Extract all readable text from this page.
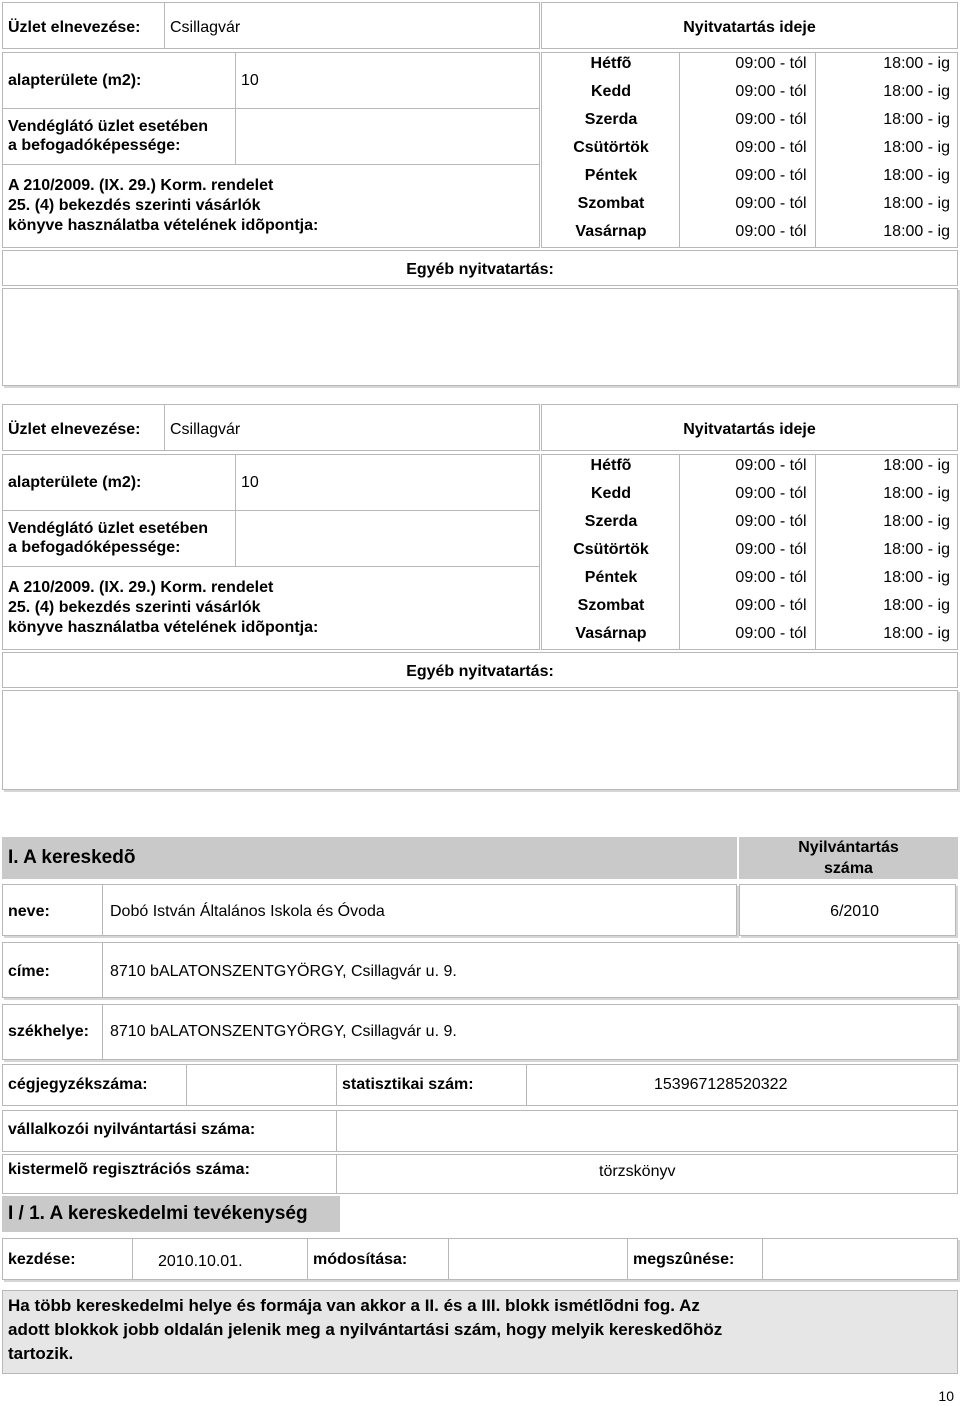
Üzlet elnevezése: Csillagvár	Nyitvatartás ideje
alapterülete (m2):	10
Vendéglátó üzlet esetében
a befogadóképessége:
A 210/2009. (IX. 29.) Korm. rendelet
25. (4) bekezdés szerinti vásárlók
könyve használatba vételének idõpontja:
Hétfõ	09:00 - tól	18:00 - ig
Kedd	09:00 - tól	18:00 - ig
Szerda	09:00 - tól	18:00 - ig
Csütörtök	09:00 - tól	18:00 - ig
Péntek	09:00 - tól	18:00 - ig
Szombat	09:00 - tól	18:00 - ig
Vasárnap	09:00 - tól	18:00 - ig
Egyéb nyitvatartás:
Üzlet elnevezése: Csillagvár	Nyitvatartás ideje
alapterülete (m2):	10
Vendéglátó üzlet esetében
a befogadóképessége:
A 210/2009. (IX. 29.) Korm. rendelet
25. (4) bekezdés szerinti vásárlók
könyve használatba vételének idõpontja:
Hétfõ	09:00 - tól	18:00 - ig
Kedd	09:00 - tól	18:00 - ig
Szerda	09:00 - tól	18:00 - ig
Csütörtök	09:00 - tól	18:00 - ig
Péntek	09:00 - tól	18:00 - ig
Szombat	09:00 - tól	18:00 - ig
Vasárnap	09:00 - tól	18:00 - ig
Egyéb nyitvatartás:
I. A kereskedõ	Nyilvántartás
száma
neve:	Dobó István Általános Iskola és Óvoda	6/2010
címe:	8710 bALATONSZENTGYÖRGY, Csillagvár u. 9.
székhelye: 8710 bALATONSZENTGYÖRGY, Csillagvár u. 9.
cégjegyzékszáma:	statisztikai szám:	153967128520322
vállalkozói nyilvántartási száma:
kistermelõ regisztrációs száma:	törzskönyv
I / 1. A kereskedelmi tevékenység
kezdése:	2010.10.01.	módosítása:	megszûnése:
Ha több kereskedelmi helye és formája van akkor a II. és a III. blokk ismétlõdni fog. Az
adott blokkok jobb oldalán jelenik meg a nyilvántartási szám, hogy melyik kereskedõhöz
tartozik.
10
